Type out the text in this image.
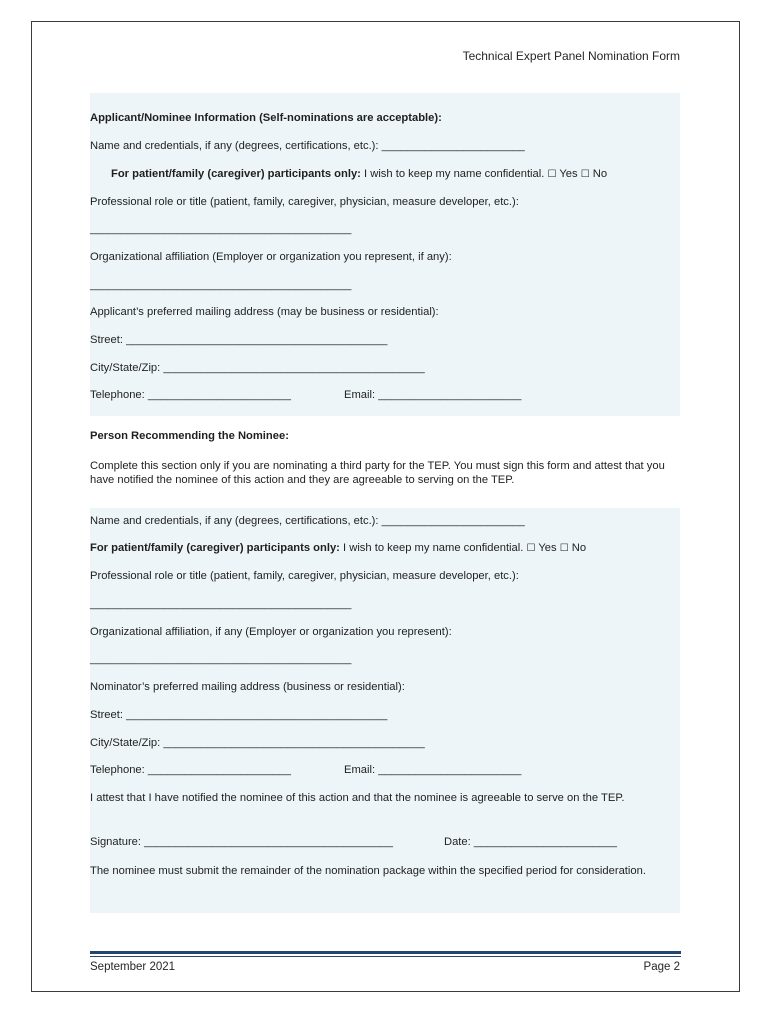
Technical Expert Panel Nomination Form
Applicant/Nominee Information (Self-nominations are acceptable):
Name and credentials, if any (degrees, certifications, etc.): _______________________
For patient/family (caregiver) participants only: I wish to keep my name confidential. ☐ Yes ☐ No
Professional role or title (patient, family, caregiver, physician, measure developer, etc.):
__________________________________________
Organizational affiliation (Employer or organization you represent, if any):
__________________________________________
Applicant’s preferred mailing address (may be business or residential):
Street: __________________________________________
City/State/Zip: __________________________________________
Telephone: _______________________	Email: _______________________
Person Recommending the Nominee:
Complete this section only if you are nominating a third party for the TEP. You must sign this form and attest that you have notified the nominee of this action and they are agreeable to serving on the TEP.
Name and credentials, if any (degrees, certifications, etc.): _______________________
For patient/family (caregiver) participants only: I wish to keep my name confidential. ☐ Yes ☐ No
Professional role or title (patient, family, caregiver, physician, measure developer, etc.):
__________________________________________
Organizational affiliation, if any (Employer or organization you represent):
__________________________________________
Nominator’s preferred mailing address (business or residential):
Street: __________________________________________
City/State/Zip: __________________________________________
Telephone: _______________________	Email: _______________________
I attest that I have notified the nominee of this action and that the nominee is agreeable to serve on the TEP.
Signature: ________________________________________	Date: _______________________
The nominee must submit the remainder of the nomination package within the specified period for consideration.
September 2021	Page 2
